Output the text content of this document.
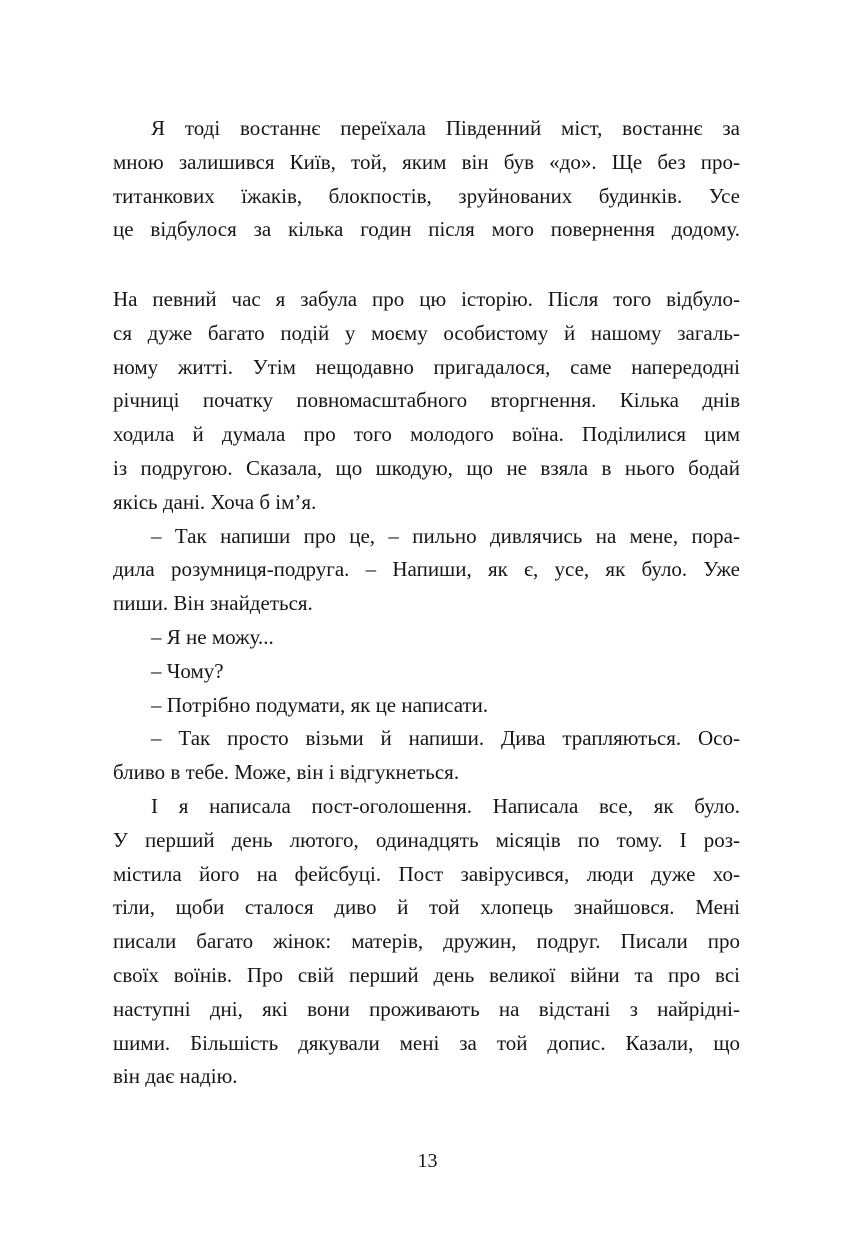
Я тоді востаннє переїхала Південний міст, востаннє за
мною залишився Київ, той, яким він був «до». Ще без про-
титанкових їжаків, блокпостів, зруйнованих будинків. Усе
це відбулося за кілька годин після мого повернення додому.
На певний час я забула про цю історію. Після того відбуло-
ся дуже багато подій у моєму особистому й нашому загаль-
ному житті. Утім нещодавно пригадалося, саме напередодні
річниці початку повномасштабного вторгнення. Кілька днів
ходила й думала про того молодого воїна. Поділилися цим
із подругою. Сказала, що шкодую, що не взяла в нього бодай
якісь дані. Хоча б ім’я.
– Так напиши про це, – пильно дивлячись на мене, пора-
дила розумниця-подруга. – Напиши, як є, усе, як було. Уже
пиши. Він знайдеться.
– Я не можу...
– Чому?
– Потрібно подумати, як це написати.
– Так просто візьми й напиши. Дива трапляються. Осо-
бливо в тебе. Може, він і відгукнеться.
І я написала пост-оголошення. Написала все, як було.
У перший день лютого, одинадцять місяців по тому. І роз-
містила його на фейсбуці. Пост завірусився, люди дуже хо-
тіли, щоби сталося диво й той хлопець знайшовся. Мені
писали багато жінок: матерів, дружин, подруг. Писали про
своїх воїнів. Про свій перший день великої війни та про всі
наступні дні, які вони проживають на відстані з найрідні-
шими. Більшість дякували мені за той допис. Казали, що
він дає надію.
13
